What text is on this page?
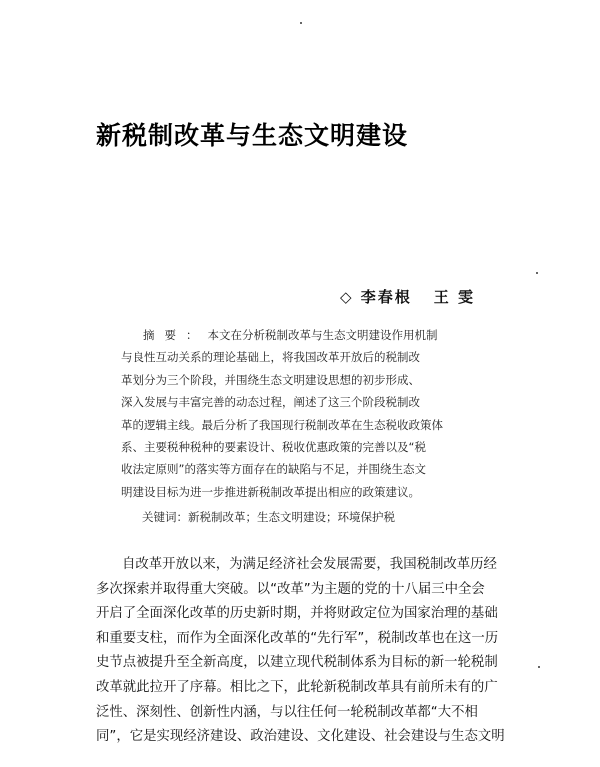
新税制改革与生态文明建设
◇ 李春根 王 雯
摘要：本文在分析税制改革与生态文明建设作用机制
与良性互动关系的理论基础上，将我国改革开放后的税制改
革划分为三个阶段，并围绕生态文明建设思想的初步形成、
深入发展与丰富完善的动态过程，阐述了这三个阶段税制改
革的逻辑主线。最后分析了我国现行税制改革在生态税收政策体
系、主要税种税种的要素设计、税收优惠政策的完善以及“税
收法定原则”的落实等方面存在的缺陷与不足，并围绕生态文
明建设目标为进一步推进新税制改革提出相应的政策建议。
关键词：新税制改革；生态文明建设；环境保护税
自改革开放以来，为满足经济社会发展需要，我国税制改革历经
多次探索并取得重大突破。以“改革”为主题的党的十八届三中全会
开启了全面深化改革的历史新时期，并将财政定位为国家治理的基础
和重要支柱，而作为全面深化改革的“先行军”，税制改革也在这一历
史节点被提升至全新高度，以建立现代税制体系为目标的新一轮税制
改革就此拉开了序幕。相比之下，此轮新税制改革具有前所未有的广
泛性、深刻性、创新性内涵，与以往任何一轮税制改革都“大不相
同”，它是实现经济建设、政治建设、文化建设、社会建设与生态文明
